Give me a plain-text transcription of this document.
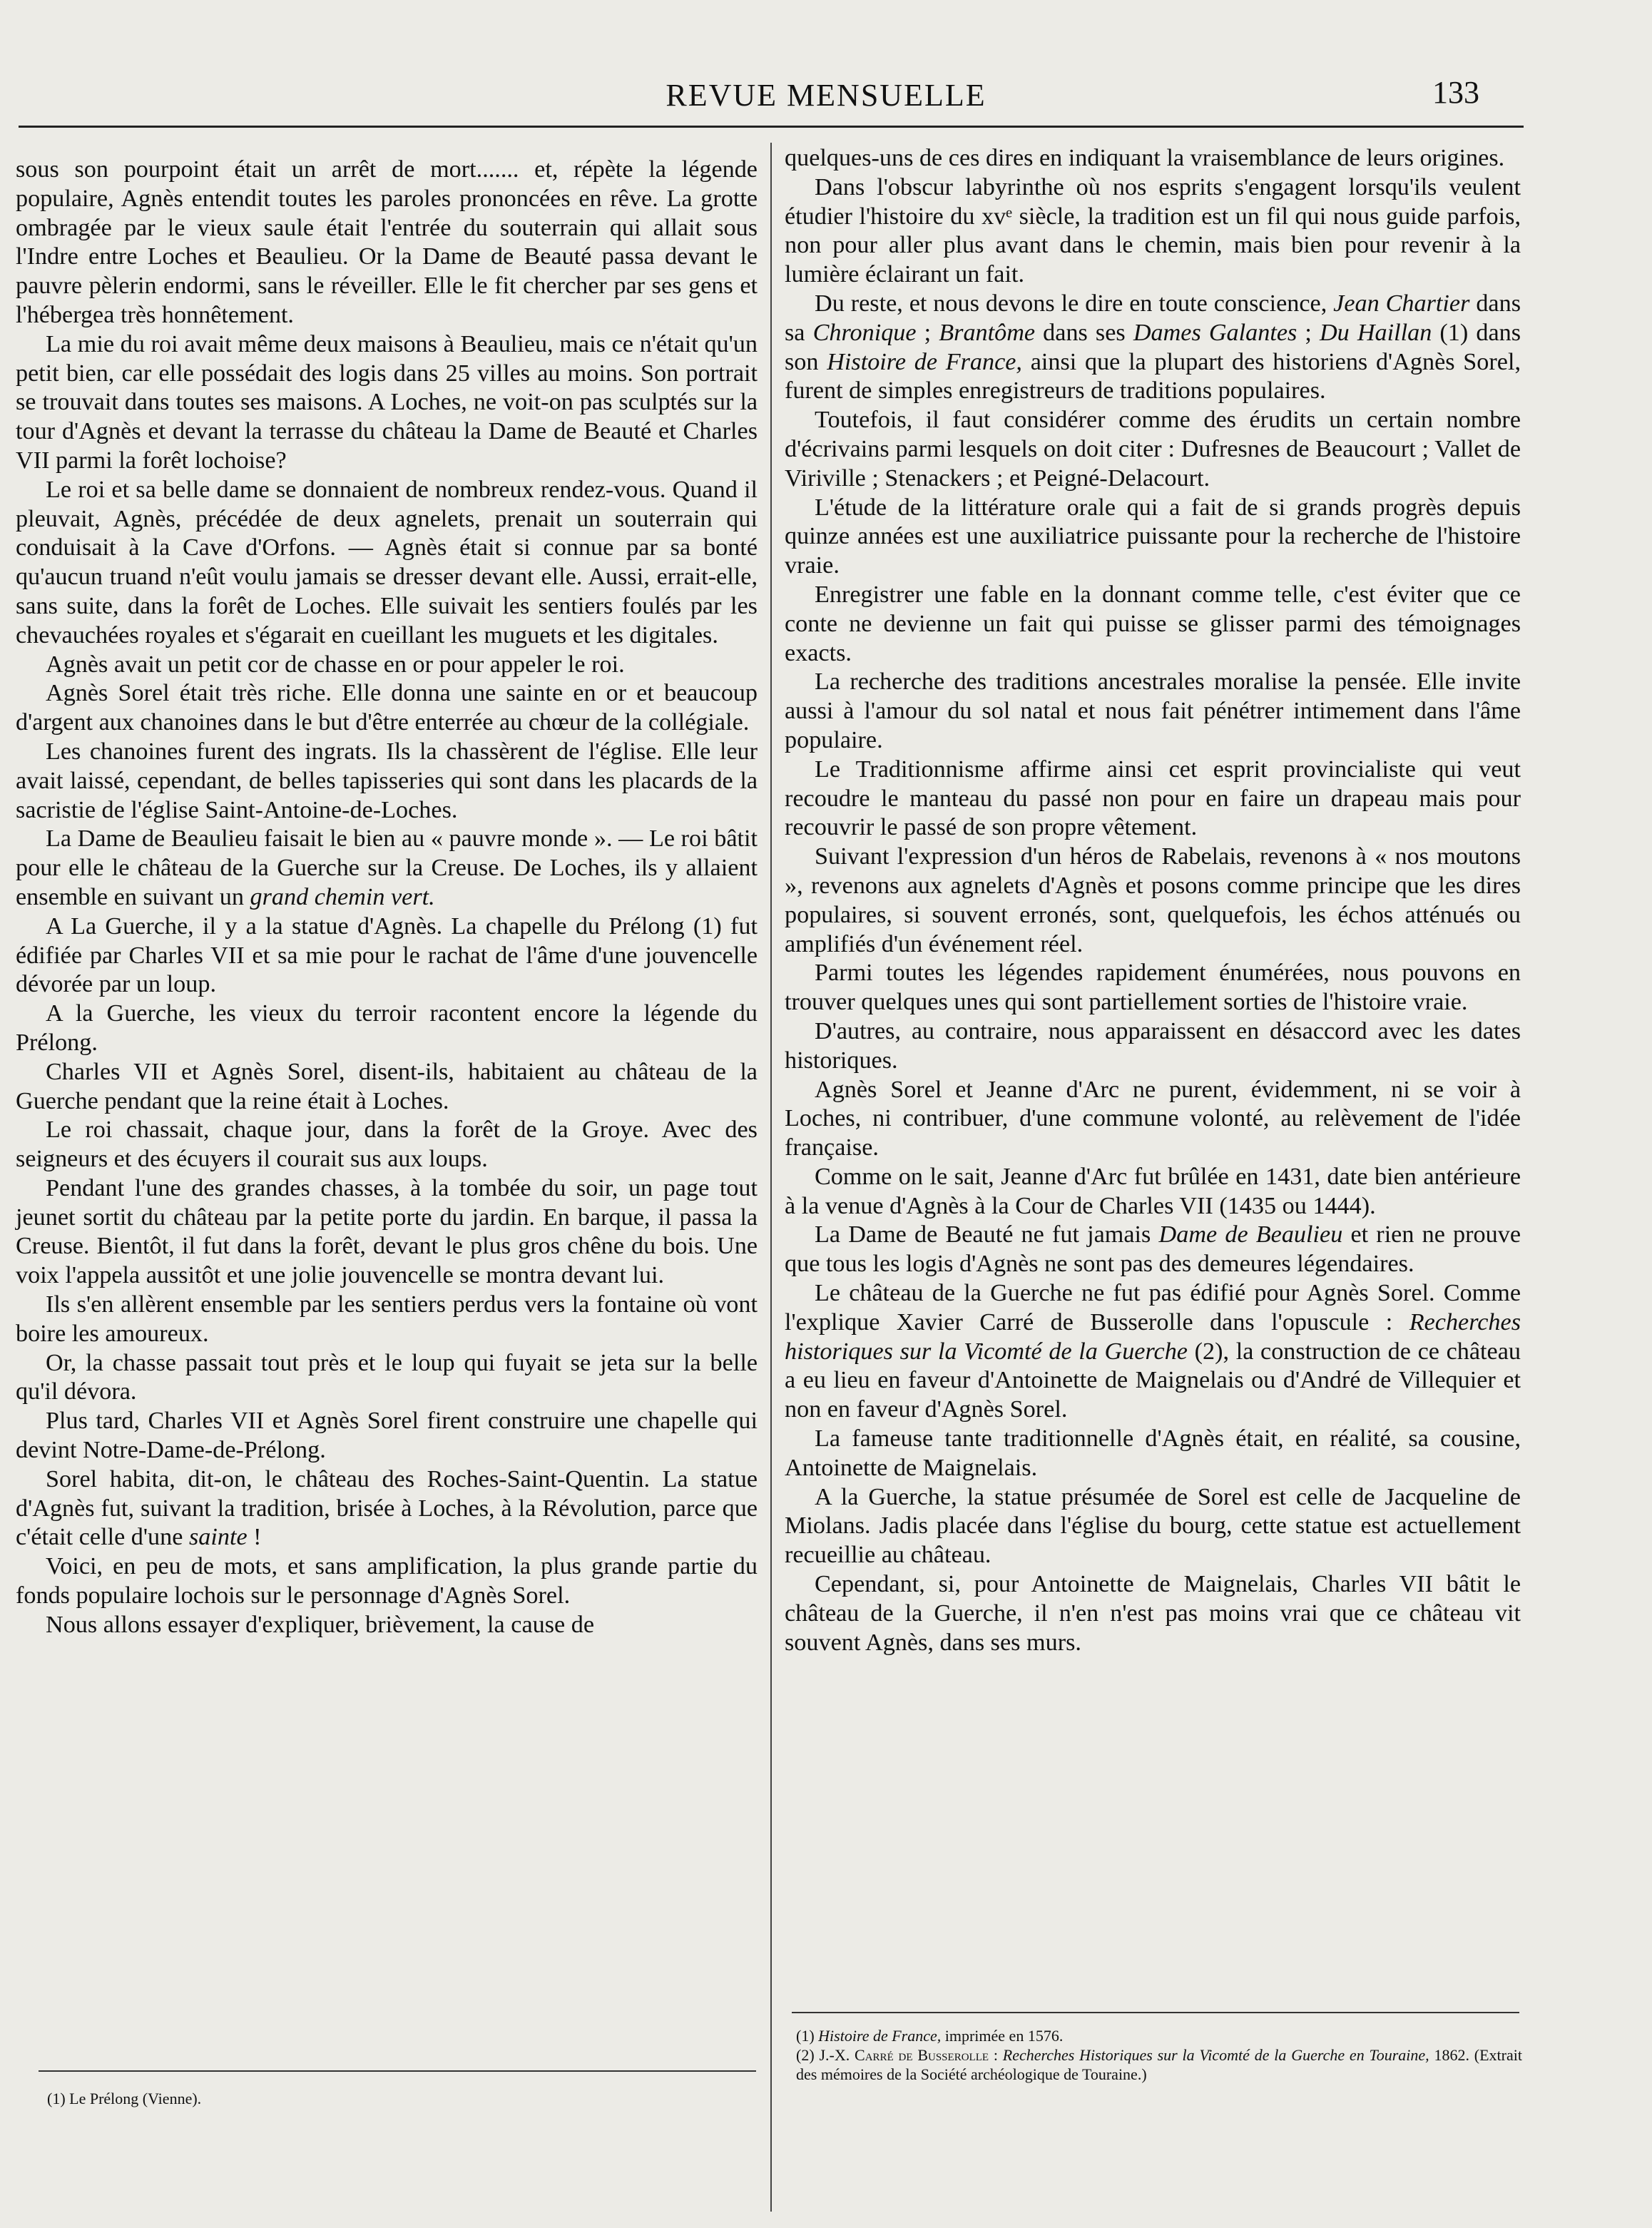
REVUE MENSUELLE	133

sous son pourpoint était un arrêt de mort....... et, répète la légende populaire, Agnès entendit toutes les paroles prononcées en rêve. La grotte ombragée par le vieux saule était l'entrée du souterrain qui allait sous l'Indre entre Loches et Beaulieu. Or la Dame de Beauté passa devant le pauvre pèlerin endormi, sans le réveiller. Elle le fit chercher par ses gens et l'hébergea très honnêtement.

La mie du roi avait même deux maisons à Beaulieu, mais ce n'était qu'un petit bien, car elle possédait des logis dans 25 villes au moins. Son portrait se trouvait dans toutes ses maisons. A Loches, ne voit-on pas sculptés sur la tour d'Agnès et devant la terrasse du château la Dame de Beauté et Charles VII parmi la forêt lochoise?

Le roi et sa belle dame se donnaient de nombreux rendez-vous. Quand il pleuvait, Agnès, précédée de deux agnelets, prenait un souterrain qui conduisait à la Cave d'Orfons. — Agnès était si connue par sa bonté qu'aucun truand n'eût voulu jamais se dresser devant elle. Aussi, errait-elle, sans suite, dans la forêt de Loches. Elle suivait les sentiers foulés par les chevauchées royales et s'égarait en cueillant les muguets et les digitales.

Agnès avait un petit cor de chasse en or pour appeler le roi.

Agnès Sorel était très riche. Elle donna une sainte en or et beaucoup d'argent aux chanoines dans le but d'être enterrée au chœur de la collégiale.

Les chanoines furent des ingrats. Ils la chassèrent de l'église. Elle leur avait laissé, cependant, de belles tapisseries qui sont dans les placards de la sacristie de l'église Saint-Antoine-de-Loches.

La Dame de Beaulieu faisait le bien au « pauvre monde ». — Le roi bâtit pour elle le château de la Guerche sur la Creuse. De Loches, ils y allaient ensemble en suivant un grand chemin vert.

A La Guerche, il y a la statue d'Agnès. La chapelle du Prélong (1) fut édifiée par Charles VII et sa mie pour le rachat de l'âme d'une jouvencelle dévorée par un loup.

A la Guerche, les vieux du terroir racontent encore la légende du Prélong.

Charles VII et Agnès Sorel, disent-ils, habitaient au château de la Guerche pendant que la reine était à Loches.

Le roi chassait, chaque jour, dans la forêt de la Groye. Avec des seigneurs et des écuyers il courait sus aux loups.

Pendant l'une des grandes chasses, à la tombée du soir, un page tout jeunet sortit du château par la petite porte du jardin. En barque, il passa la Creuse. Bientôt, il fut dans la forêt, devant le plus gros chêne du bois. Une voix l'appela aussitôt et une jolie jouvencelle se montra devant lui.

Ils s'en allèrent ensemble par les sentiers perdus vers la fontaine où vont boire les amoureux.

Or, la chasse passait tout près et le loup qui fuyait se jeta sur la belle qu'il dévora.

Plus tard, Charles VII et Agnès Sorel firent construire une chapelle qui devint Notre-Dame-de-Prélong.

Sorel habita, dit-on, le château des Roches-Saint-Quentin. La statue d'Agnès fut, suivant la tradition, brisée à Loches, à la Révolution, parce que c'était celle d'une sainte !

Voici, en peu de mots, et sans amplification, la plus grande partie du fonds populaire lochois sur le personnage d'Agnès Sorel.

Nous allons essayer d'expliquer, brièvement, la cause de

quelques-uns de ces dires en indiquant la vraisemblance de leurs origines.

Dans l'obscur labyrinthe où nos esprits s'engagent lorsqu'ils veulent étudier l'histoire du xvᵉ siècle, la tradition est un fil qui nous guide parfois, non pour aller plus avant dans le chemin, mais bien pour revenir à la lumière éclairant un fait.

Du reste, et nous devons le dire en toute conscience, Jean Chartier dans sa Chronique ; Brantôme dans ses Dames Galantes ; Du Haillan (1) dans son Histoire de France, ainsi que la plupart des historiens d'Agnès Sorel, furent de simples enregistreurs de traditions populaires.

Toutefois, il faut considérer comme des érudits un certain nombre d'écrivains parmi lesquels on doit citer : Dufresnes de Beaucourt ; Vallet de Viriville ; Stenackers ; et Peigné-Delacourt.

L'étude de la littérature orale qui a fait de si grands progrès depuis quinze années est une auxiliatrice puissante pour la recherche de l'histoire vraie.

Enregistrer une fable en la donnant comme telle, c'est éviter que ce conte ne devienne un fait qui puisse se glisser parmi des témoignages exacts.

La recherche des traditions ancestrales moralise la pensée. Elle invite aussi à l'amour du sol natal et nous fait pénétrer intimement dans l'âme populaire.

Le Traditionnisme affirme ainsi cet esprit provincialiste qui veut recoudre le manteau du passé non pour en faire un drapeau mais pour recouvrir le passé de son propre vêtement.

Suivant l'expression d'un héros de Rabelais, revenons à « nos moutons », revenons aux agnelets d'Agnès et posons comme principe que les dires populaires, si souvent erronés, sont, quelquefois, les échos atténués ou amplifiés d'un événement réel.

Parmi toutes les légendes rapidement énumérées, nous pouvons en trouver quelques unes qui sont partiellement sorties de l'histoire vraie.

D'autres, au contraire, nous apparaissent en désaccord avec les dates historiques.

Agnès Sorel et Jeanne d'Arc ne purent, évidemment, ni se voir à Loches, ni contribuer, d'une commune volonté, au relèvement de l'idée française.

Comme on le sait, Jeanne d'Arc fut brûlée en 1431, date bien antérieure à la venue d'Agnès à la Cour de Charles VII (1435 ou 1444).

La Dame de Beauté ne fut jamais Dame de Beaulieu et rien ne prouve que tous les logis d'Agnès ne sont pas des demeures légendaires.

Le château de la Guerche ne fut pas édifié pour Agnès Sorel. Comme l'explique Xavier Carré de Busserolle dans l'opuscule : Recherches historiques sur la Vicomté de la Guerche (2), la construction de ce château a eu lieu en faveur d'Antoinette de Maignelais ou d'André de Villequier et non en faveur d'Agnès Sorel.

La fameuse tante traditionnelle d'Agnès était, en réalité, sa cousine, Antoinette de Maignelais.

A la Guerche, la statue présumée de Sorel est celle de Jacqueline de Miolans. Jadis placée dans l'église du bourg, cette statue est actuellement recueillie au château.

Cependant, si, pour Antoinette de Maignelais, Charles VII bâtit le château de la Guerche, il n'en n'est pas moins vrai que ce château vit souvent Agnès, dans ses murs.

(1) Le Prélong (Vienne).

(1) Histoire de France, imprimée en 1576.

(2) J.-X. Carré de Busserolle : Recherches Historiques sur la Vicomté de la Guerche en Touraine, 1862. (Extrait des mémoires de la Société archéologique de Touraine.)
